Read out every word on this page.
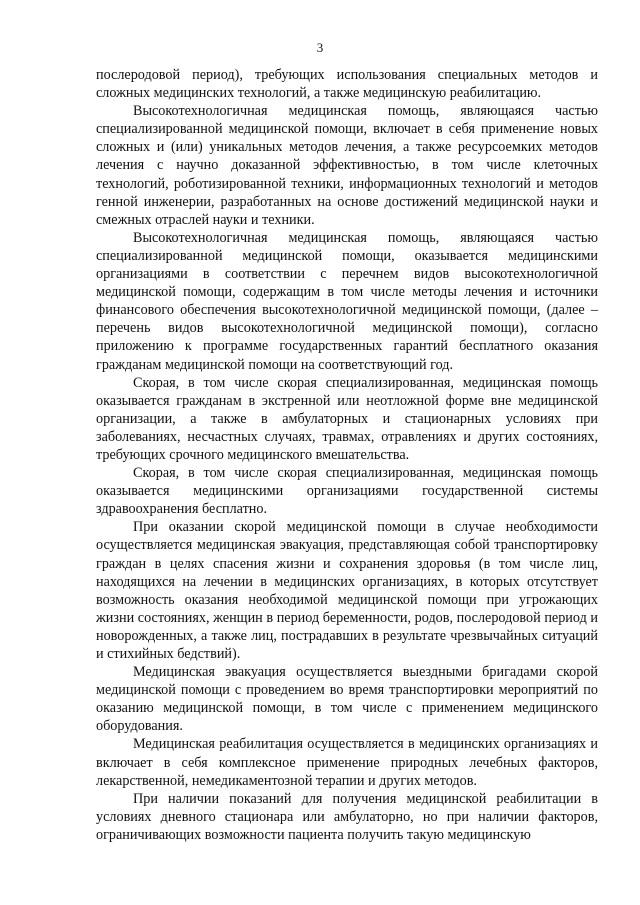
3

послеродовой период), требующих использования специальных методов и сложных медицинских технологий, а также медицинскую реабилитацию.

Высокотехнологичная медицинская помощь, являющаяся частью специализированной медицинской помощи, включает в себя применение новых сложных и (или) уникальных методов лечения, а также ресурсоемких методов лечения с научно доказанной эффективностью, в том числе клеточных технологий, роботизированной техники, информационных технологий и методов генной инженерии, разработанных на основе достижений медицинской науки и смежных отраслей науки и техники.

Высокотехнологичная медицинская помощь, являющаяся частью специализированной медицинской помощи, оказывается медицинскими организациями в соответствии с перечнем видов высокотехнологичной медицинской помощи, содержащим в том числе методы лечения и источники финансового обеспечения высокотехнологичной медицинской помощи, (далее – перечень видов высокотехнологичной медицинской помощи), согласно приложению к программе государственных гарантий бесплатного оказания гражданам медицинской помощи на соответствующий год.

Скорая, в том числе скорая специализированная, медицинская помощь оказывается гражданам в экстренной или неотложной форме вне медицинской организации, а также в амбулаторных и стационарных условиях при заболеваниях, несчастных случаях, травмах, отравлениях и других состояниях, требующих срочного медицинского вмешательства.

Скорая, в том числе скорая специализированная, медицинская помощь оказывается медицинскими организациями государственной системы здравоохранения бесплатно.

При оказании скорой медицинской помощи в случае необходимости осуществляется медицинская эвакуация, представляющая собой транспортировку граждан в целях спасения жизни и сохранения здоровья (в том числе лиц, находящихся на лечении в медицинских организациях, в которых отсутствует возможность оказания необходимой медицинской помощи при угрожающих жизни состояниях, женщин в период беременности, родов, послеродовой период и новорожденных, а также лиц, пострадавших в результате чрезвычайных ситуаций и стихийных бедствий).

Медицинская эвакуация осуществляется выездными бригадами скорой медицинской помощи с проведением во время транспортировки мероприятий по оказанию медицинской помощи, в том числе с применением медицинского оборудования.

Медицинская реабилитация осуществляется в медицинских организациях и включает в себя комплексное применение природных лечебных факторов, лекарственной, немедикаментозной терапии и других методов.

При наличии показаний для получения медицинской реабилитации в условиях дневного стационара или амбулаторно, но при наличии факторов, ограничивающих возможности пациента получить такую медицинскую
